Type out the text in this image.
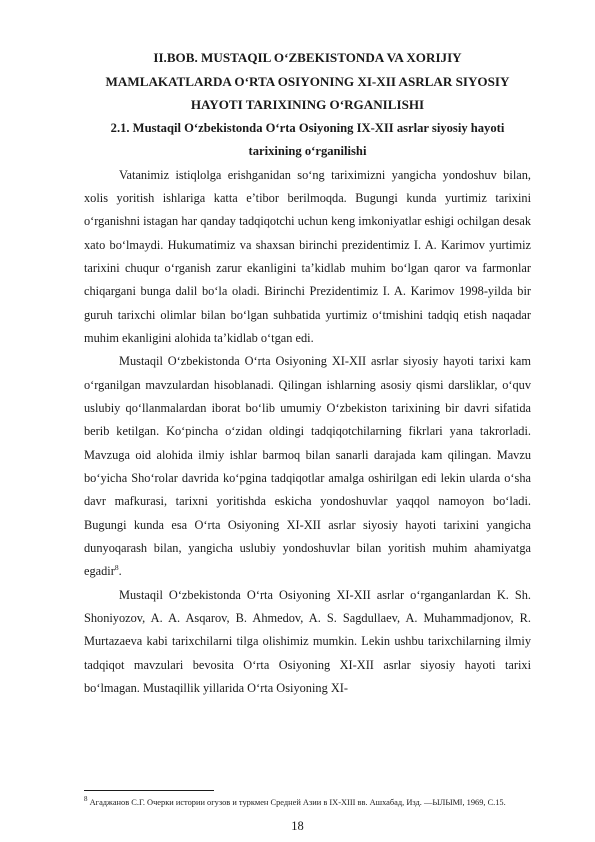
II.BOB. MUSTAQIL O‘ZBEKISTONDA VA XORIJIY

MAMLAKATLARDA O‘RTA OSIYONING XI-XII ASRLAR SIYOSIY

HAYOTI TARIXINING O‘RGANILISHI

2.1. Mustaqil O‘zbekistonda O‘rta Osiyoning IX-XII asrlar siyosiy hayoti

tarixining o‘rganilishi

Vatanimiz istiqlolga erishganidan so‘ng tariximizni yangicha yondoshuv bilan, xolis yoritish ishlariga katta e’tibor berilmoqda. Bugungi kunda yurtimiz tarixini o‘rganishni istagan har qanday tadqiqotchi uchun keng imkoniyatlar eshigi ochilgan desak xato bo‘lmaydi. Hukumatimiz va shaxsan birinchi prezidentimiz I. A. Karimov yurtimiz tarixini chuqur o‘rganish zarur ekanligini ta’kidlab muhim bo‘lgan qaror va farmonlar chiqargani bunga dalil bo‘la oladi. Birinchi Prezidentimiz I. A. Karimov 1998-yilda bir guruh tarixchi olimlar bilan bo‘lgan suhbatida yurtimiz o‘tmishini tadqiq etish naqadar muhim ekanligini alohida ta’kidlab o‘tgan edi.

Mustaqil O‘zbekistonda O‘rta Osiyoning XI-XII asrlar siyosiy hayoti tarixi kam o‘rganilgan mavzulardan hisoblanadi. Qilingan ishlarning asosiy qismi darsliklar, o‘quv uslubiy qo‘llanmalardan iborat bo‘lib umumiy O‘zbekiston tarixining bir davri sifatida berib ketilgan. Ko‘pincha o‘zidan oldingi tadqiqotchilarning fikrlari yana takrorladi. Mavzuga oid alohida ilmiy ishlar barmoq bilan sanarli darajada kam qilingan. Mavzu bo‘yicha Sho‘rolar davrida ko‘pgina tadqiqotlar amalga oshirilgan edi lekin ularda o‘sha davr mafkurasi, tarixni yoritishda eskicha yondoshuvlar yaqqol namoyon bo‘ladi. Bugungi kunda esa O‘rta Osiyoning XI-XII asrlar siyosiy hayoti tarixini yangicha dunyoqarash bilan, yangicha uslubiy yondoshuvlar bilan yoritish muhim ahamiyatga egadir$^8$.

Mustaqil O‘zbekistonda O‘rta Osiyoning XI-XII asrlar o‘rganganlardan K. Sh. Shoniyozov, A. A. Asqarov, B. Ahmedov, A. S. Sagdullaev, A. Muhammadjonov, R. Murtazaeva kabi tarixchilarni tilga olishimiz mumkin. Lekin ushbu tarixchilarning ilmiy tadqiqot mavzulari bevosita O‘rta Osiyoning XI-XII asrlar siyosiy hayoti tarixi bo‘lmagan. Mustaqillik yillarida O‘rta Osiyoning XI-

$^8$ Агаджанов С.Г. Очерки истории огузов и туркмен Средней Азии в IX-XIII вв. Ашхабад, Изд. —ЫЛЫМ‖, 1969, С.15.

18
